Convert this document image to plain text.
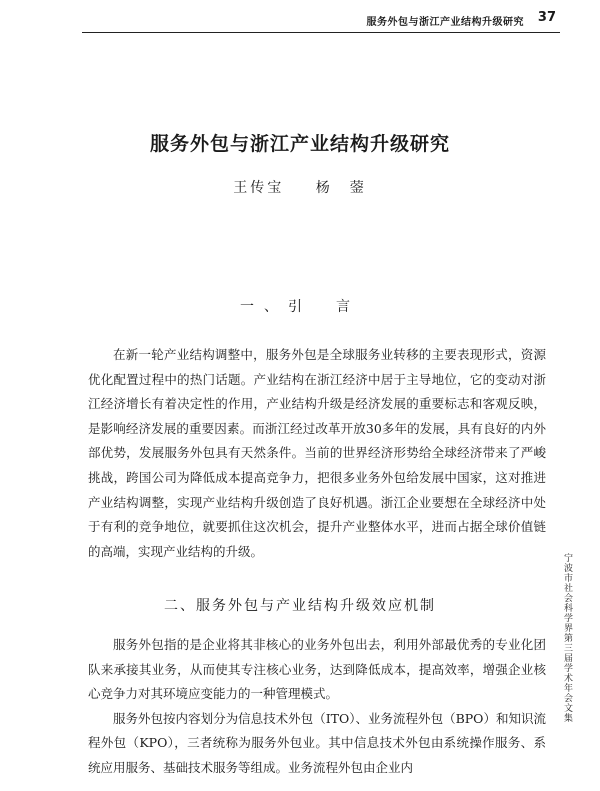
服务外包与浙江产业结构升级研究 37
服务外包与浙江产业结构升级研究
王传宝 杨　蓥
一、引　言

在新一轮产业结构调整中，服务外包是全球服务业转移的主要表现形式，资源优化配置过程中的热门话题。产业结构在浙江经济中居于主导地位，它的变动对浙江经济增长有着决定性的作用，产业结构升级是经济发展的重要标志和客观反映，是影响经济发展的重要因素。而浙江经过改革开放30多年的发展，具有良好的内外部优势，发展服务外包具有天然条件。当前的世界经济形势给全球经济带来了严峻挑战，跨国公司为降低成本提高竞争力，把很多业务外包给发展中国家，这对推进产业结构调整，实现产业结构升级创造了良好机遇。浙江企业要想在全球经济中处于有利的竞争地位，就要抓住这次机会，提升产业整体水平，进而占据全球价值链的高端，实现产业结构的升级。

二、服务外包与产业结构升级效应机制

服务外包指的是企业将其非核心的业务外包出去，利用外部最优秀的专业化团队来承接其业务，从而使其专注核心业务，达到降低成本，提高效率，增强企业核心竞争力对其环境应变能力的一种管理模式。

服务外包按内容划分为信息技术外包（ITO）、业务流程外包（BPO）和知识流程外包（KPO），三者统称为服务外包业。其中信息技术外包由系统操作服务、系统应用服务、基础技术服务等组成。业务流程外包由企业内

宁波市社会科学界第三届学术年会文集
